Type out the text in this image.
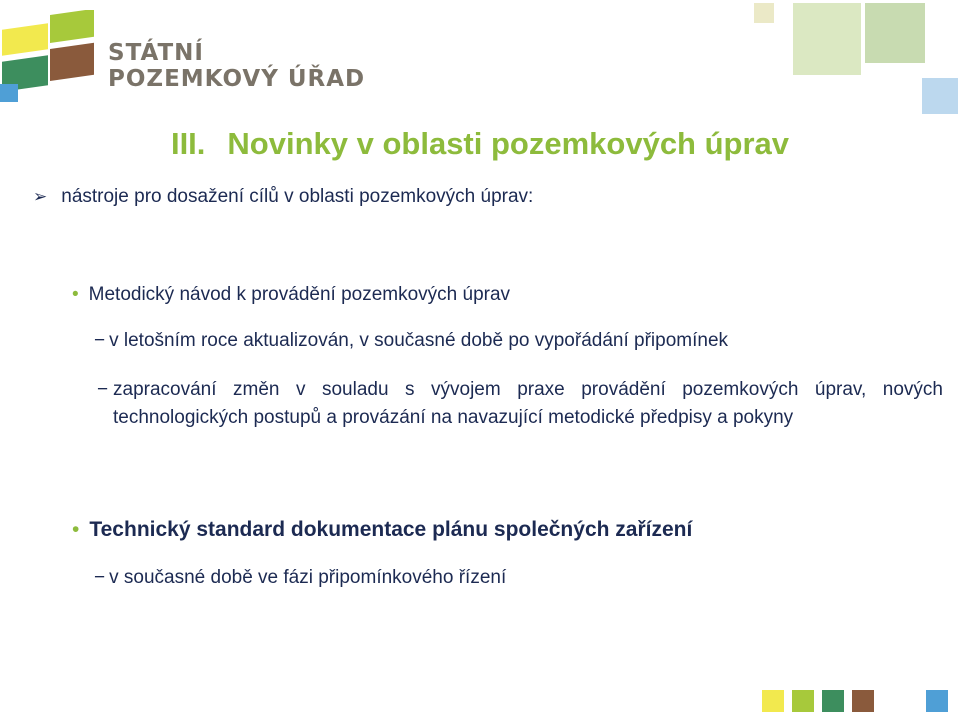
STÁTNÍ
POZEMKOVÝ ÚŘAD
III. Novinky v oblasti pozemkových úprav
➢ nástroje pro dosažení cílů v oblasti pozemkových úprav:
• Metodický návod k provádění pozemkových úprav
− v letošním roce aktualizován, v současné době po vypořádání připomínek
− zapracování změn v souladu s vývojem praxe provádění pozemkových úprav, nových technologických postupů a provázání na navazující metodické předpisy a pokyny
• Technický standard dokumentace plánu společných zařízení
− v současné době ve fázi připomínkového řízení
